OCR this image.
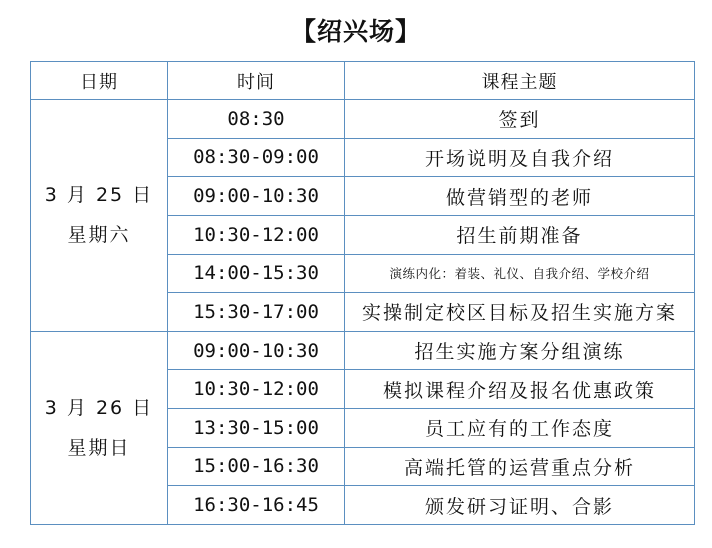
【绍兴场】
日期	时间	课程主题

3 月 25 日
星期六	08:30	签到
	08:30-09:00	开场说明及自我介绍
	09:00-10:30	做营销型的老师
	10:30-12:00	招生前期准备
	14:00-15:30	演练内化：着装、礼仪、自我介绍、学校介绍
	15:30-17:00	实操制定校区目标及招生实施方案

3 月 26 日
星期日	09:00-10:30	招生实施方案分组演练
	10:30-12:00	模拟课程介绍及报名优惠政策
	13:30-15:00	员工应有的工作态度
	15:00-16:30	高端托管的运营重点分析
	16:30-16:45	颁发研习证明、合影
